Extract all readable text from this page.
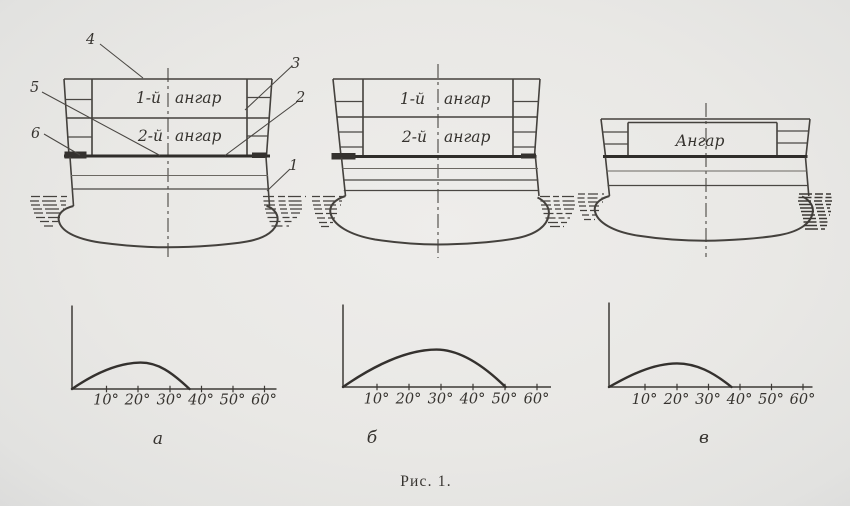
4
3
2
1
5
6
1-й ангар
2-й ангар	Ангар
10° 20° 30° 40° 50° 60°
а
10° 20° 30° 40° 50° 60°
б
10° 20° 30° 40° 50° 60°
в
1-й ангар
2-й ангар
Рис. 1.
